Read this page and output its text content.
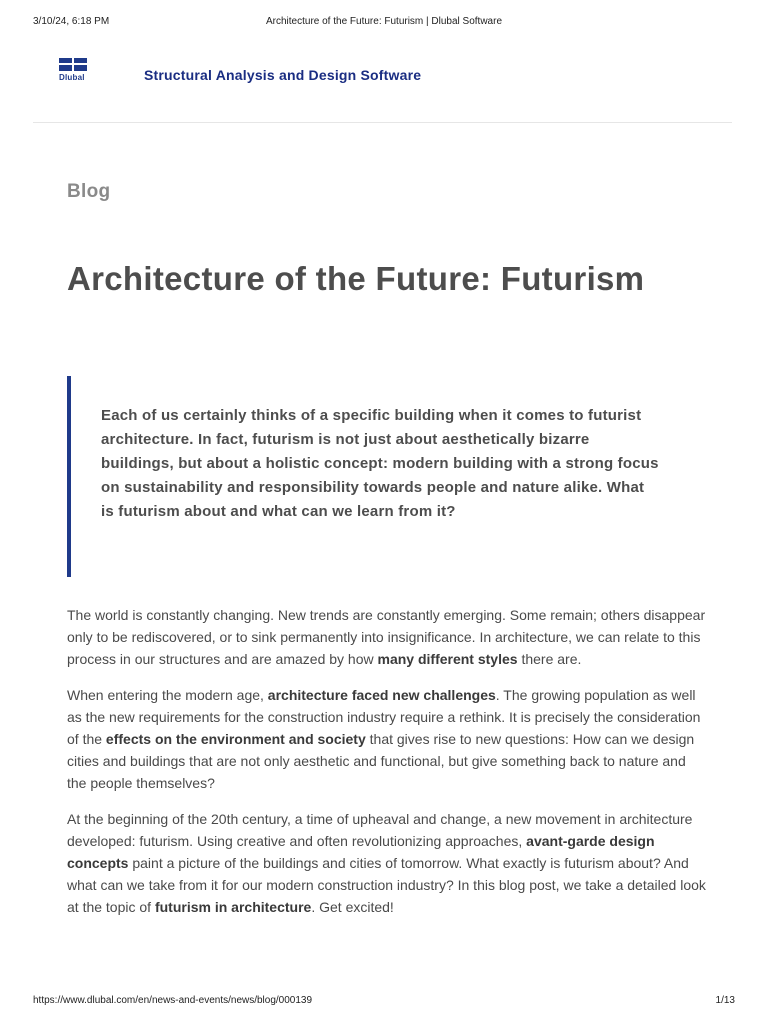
3/10/24, 6:18 PM	Architecture of the Future: Futurism | Dlubal Software
Dlubal	Structural Analysis and Design Software
Blog
Architecture of the Future: Futurism

Each of us certainly thinks of a specific building when it comes to futurist architecture. In fact, futurism is not just about aesthetically bizarre buildings, but about a holistic concept: modern building with a strong focus on sustainability and responsibility towards people and nature alike. What is futurism about and what can we learn from it?

The world is constantly changing. New trends are constantly emerging. Some remain; others disappear only to be rediscovered, or to sink permanently into insignificance. In architecture, we can relate to this process in our structures and are amazed by how many different styles there are.

When entering the modern age, architecture faced new challenges. The growing population as well as the new requirements for the construction industry require a rethink. It is precisely the consideration of the effects on the environment and society that gives rise to new questions: How can we design cities and buildings that are not only aesthetic and functional, but give something back to nature and the people themselves?

At the beginning of the 20th century, a time of upheaval and change, a new movement in architecture developed: futurism. Using creative and often revolutionizing approaches, avant-garde design concepts paint a picture of the buildings and cities of tomorrow. What exactly is futurism about? And what can we take from it for our modern construction industry? In this blog post, we take a detailed look at the topic of futurism in architecture. Get excited!

https://www.dlubal.com/en/news-and-events/news/blog/000139	1/13
